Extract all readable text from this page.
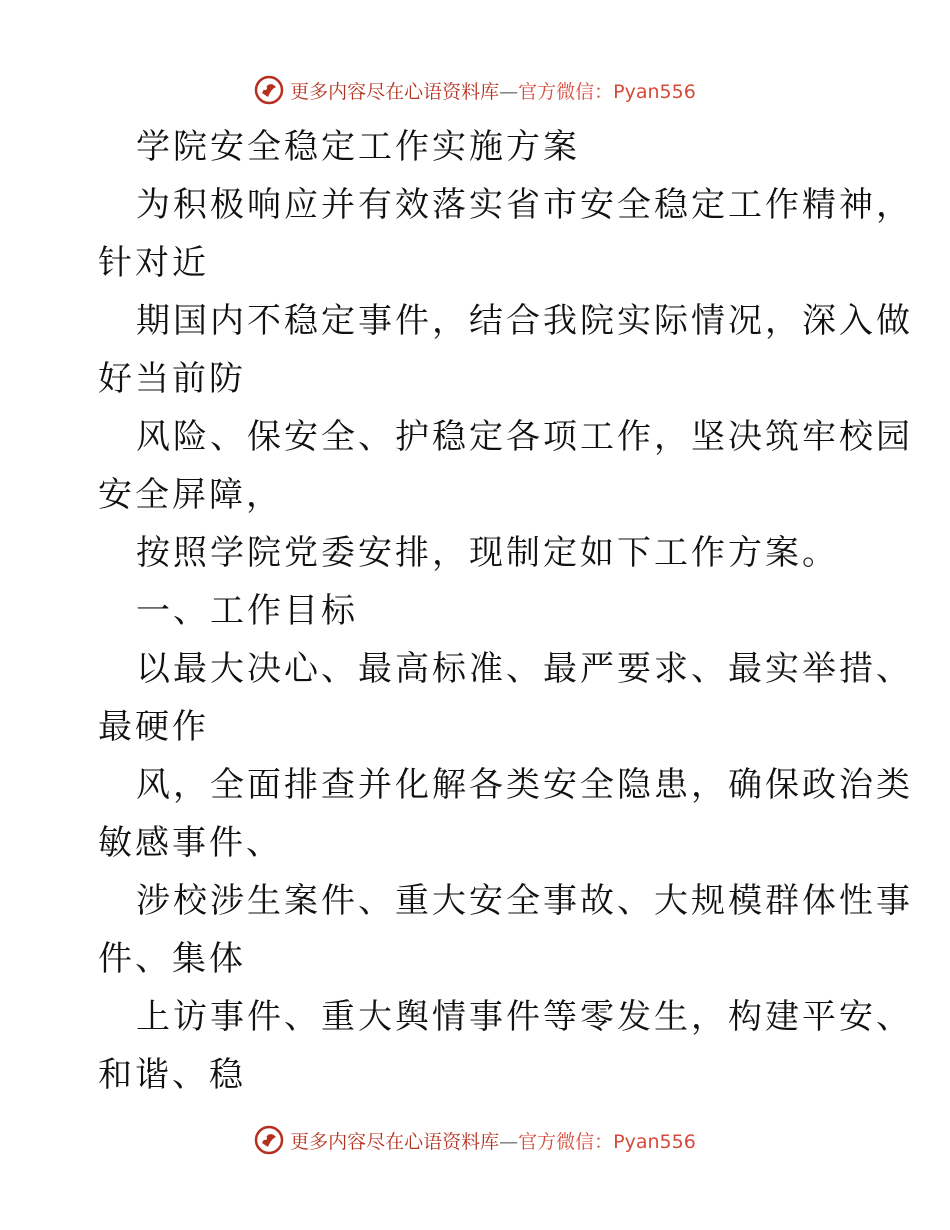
更多内容尽在心语资料库—官方微信：Pyan556
学院安全稳定工作实施方案
为积极响应并有效落实省市安全稳定工作精神，
针对近
期国内不稳定事件，结合我院实际情况，深入做
好当前防
风险、保安全、护稳定各项工作，坚决筑牢校园
安全屏障，
按照学院党委安排，现制定如下工作方案。
一、工作目标
以最大决心、最高标准、最严要求、最实举措、
最硬作
风，全面排查并化解各类安全隐患，确保政治类
敏感事件、
涉校涉生案件、重大安全事故、大规模群体性事
件、集体
上访事件、重大舆情事件等零发生，构建平安、
和谐、稳
更多内容尽在心语资料库—官方微信：Pyan556
